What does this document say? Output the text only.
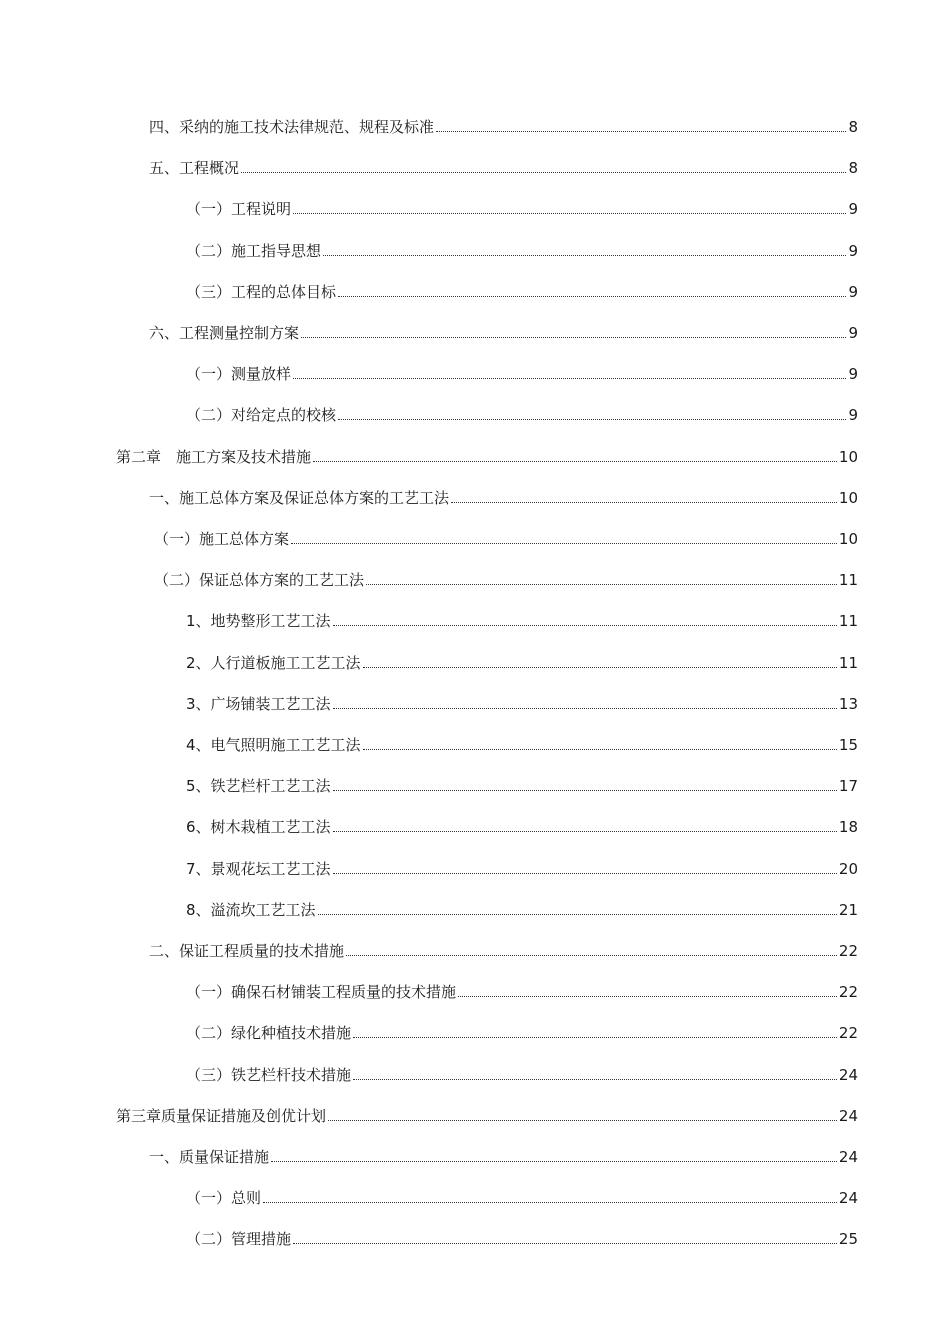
四、采纳的施工技术法律规范、规程及标准	8
五、工程概况	8
（一）工程说明	9
（二）施工指导思想	9
（三）工程的总体目标	9
六、工程测量控制方案	9
（一）测量放样	9
（二）对给定点的校核	9
第二章　施工方案及技术措施	10
一、施工总体方案及保证总体方案的工艺工法	10
（一）施工总体方案	10
（二）保证总体方案的工艺工法	11
1、地势整形工艺工法	11
2、人行道板施工工艺工法	11
3、广场铺装工艺工法	13
4、电气照明施工工艺工法	15
5、铁艺栏杆工艺工法	17
6、树木栽植工艺工法	18
7、景观花坛工艺工法	20
8、溢流坎工艺工法	21
二、保证工程质量的技术措施	22
（一）确保石材铺装工程质量的技术措施	22
（二）绿化种植技术措施	22
（三）铁艺栏杆技术措施	24
第三章质量保证措施及创优计划	24
一、质量保证措施	24
（一）总则	24
（二）管理措施	25
